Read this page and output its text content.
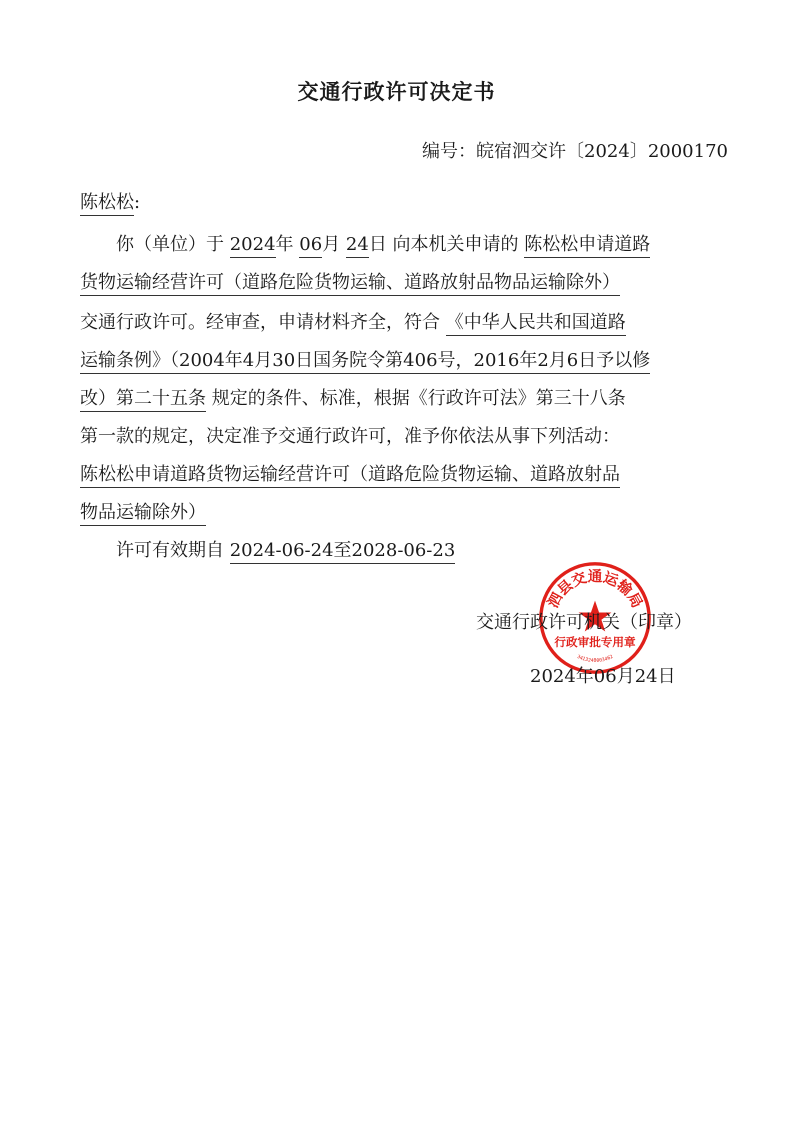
交通行政许可决定书
编号：皖宿泗交许〔2024〕2000170
陈松松:
你（单位）于 2024年 06月 24日 向本机关申请的 陈松松申请道路
货物运输经营许可（道路危险货物运输、道路放射品物品运输除外）
交通行政许可。经审查，申请材料齐全，符合 《中华人民共和国道路
运输条例》（2004年4月30日国务院令第406号，2016年2月6日予以修
改）第二十五条 规定的条件、标准，根据《行政许可法》第三十八条
第一款的规定，决定准予交通行政许可，准予你依法从事下列活动：
陈松松申请道路货物运输经营许可（道路危险货物运输、道路放射品
物品运输除外）
许可有效期自 2024-06-24至2028-06-23
泗县交通运输局
行政审批专用章
3413240003462
交通行政许可机关（印章）
2024年06月24日
